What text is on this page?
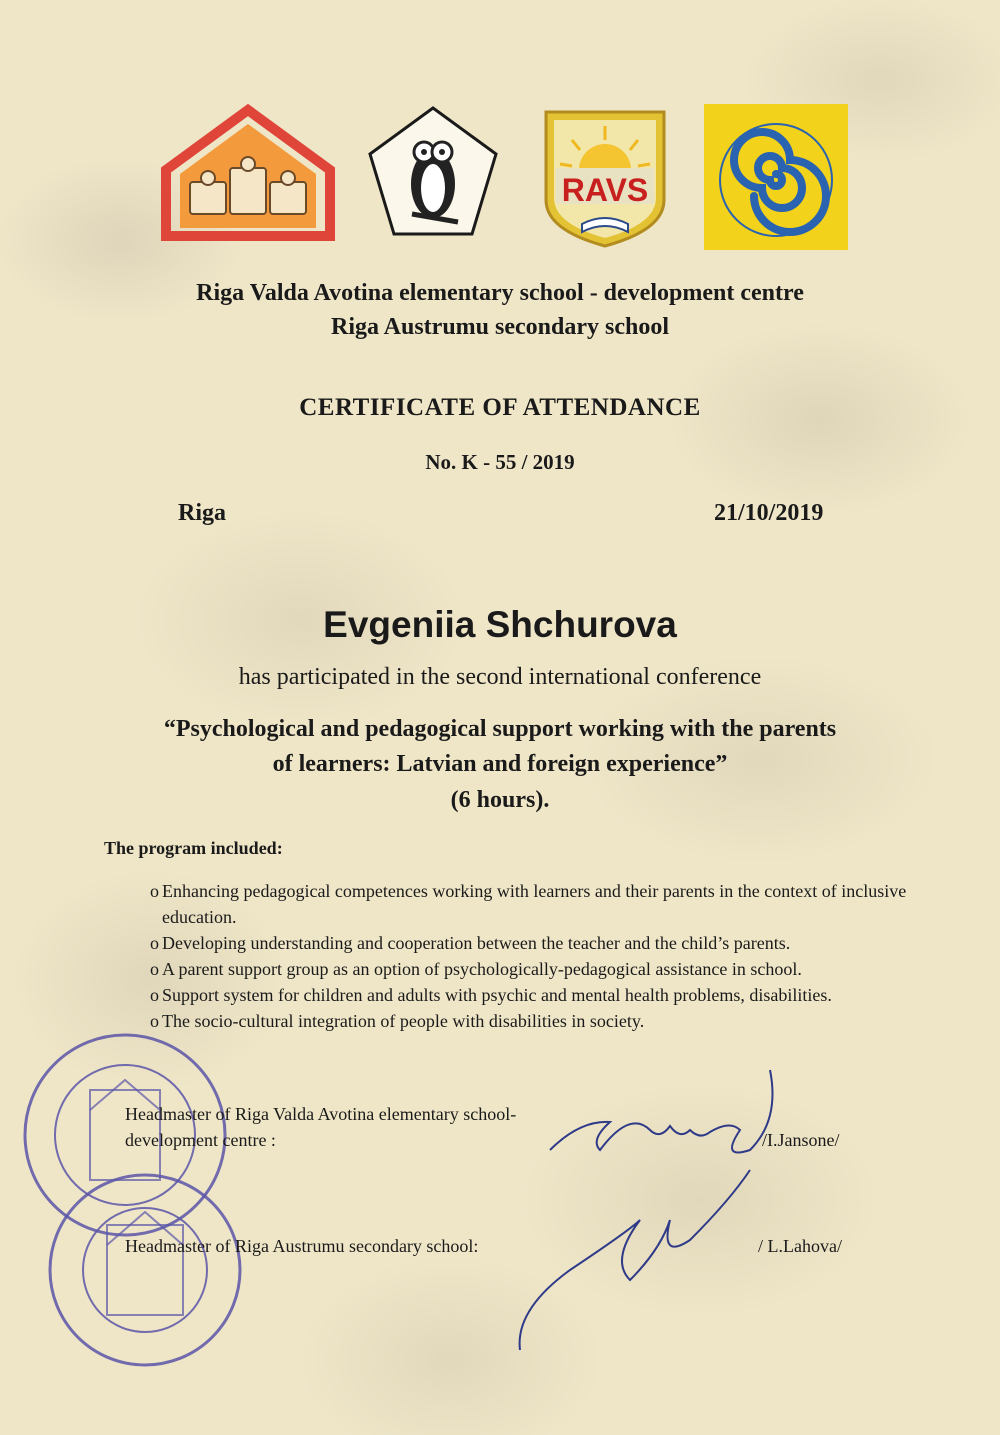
RAVS
Riga Valda Avotina elementary school - development centre
Riga Austrumu secondary school
CERTIFICATE OF ATTENDANCE
No. K - 55 / 2019
Riga	21/10/2019
Evgeniia Shchurova
has participated in the second international conference
“Psychological and pedagogical support working with the parents
of learners: Latvian and foreign experience”
(6 hours).
The program included:
o Enhancing pedagogical competences working with learners and their parents in the context of inclusive education.
o Developing understanding and cooperation between the teacher and the child’s parents.
o A parent support group as an option of psychologically-pedagogical assistance in school.
o Support system for children and adults with psychic and mental health problems, disabilities.
o The socio-cultural integration of people with disabilities in society.
Headmaster of Riga Valda Avotina elementary school-development centre :	/I.Jansone/
Headmaster of Riga Austrumu secondary school:	/ L.Lahova/
